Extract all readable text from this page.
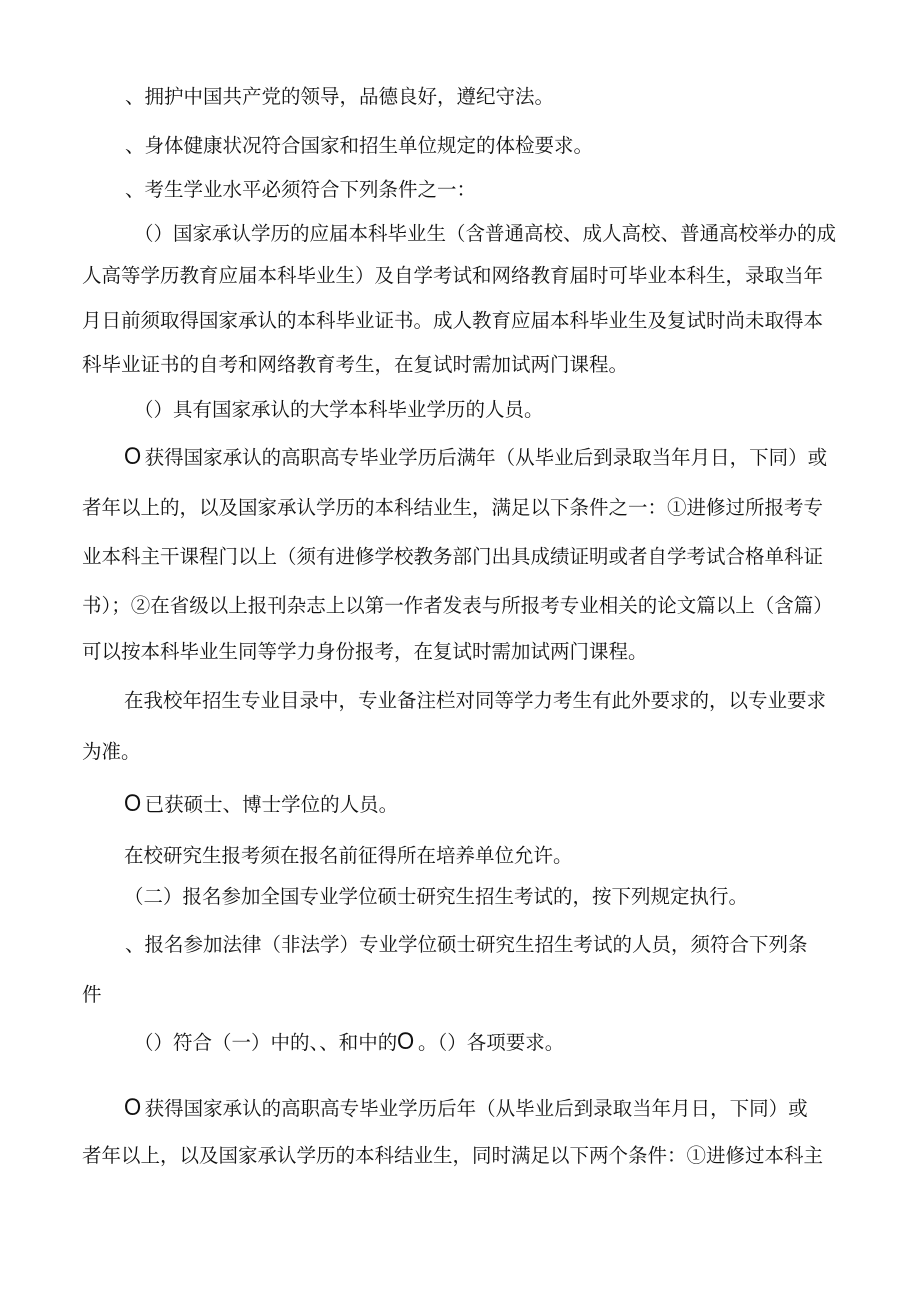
、拥护中国共产党的领导，品德良好，遵纪守法。
、身体健康状况符合国家和招生单位规定的体检要求。
、考生学业水平必须符合下列条件之一：
（）国家承认学历的应届本科毕业生（含普通高校、成人高校、普通高校举办的成
人高等学历教育应届本科毕业生）及自学考试和网络教育届时可毕业本科生，录取当年
月日前须取得国家承认的本科毕业证书。成人教育应届本科毕业生及复试时尚未取得本
科毕业证书的自考和网络教育考生，在复试时需加试两门课程。
（）具有国家承认的大学本科毕业学历的人员。
O 获得国家承认的高职高专毕业学历后满年（从毕业后到录取当年月日，下同）或
者年以上的，以及国家承认学历的本科结业生，满足以下条件之一：①进修过所报考专
业本科主干课程门以上（须有进修学校教务部门出具成绩证明或者自学考试合格单科证
书）；②在省级以上报刊杂志上以第一作者发表与所报考专业相关的论文篇以上（含篇）
可以按本科毕业生同等学力身份报考，在复试时需加试两门课程。
在我校年招生专业目录中，专业备注栏对同等学力考生有此外要求的，以专业要求
为准。
O 已获硕士、博士学位的人员。
在校研究生报考须在报名前征得所在培养单位允许。
（二）报名参加全国专业学位硕士研究生招生考试的，按下列规定执行。
、报名参加法律（非法学）专业学位硕士研究生招生考试的人员，须符合下列条
件
（）符合（一）中的、、和中的O 。（）各项要求。
O 获得国家承认的高职高专毕业学历后年（从毕业后到录取当年月日，下同）或
者年以上，以及国家承认学历的本科结业生，同时满足以下两个条件：①进修过本科主
